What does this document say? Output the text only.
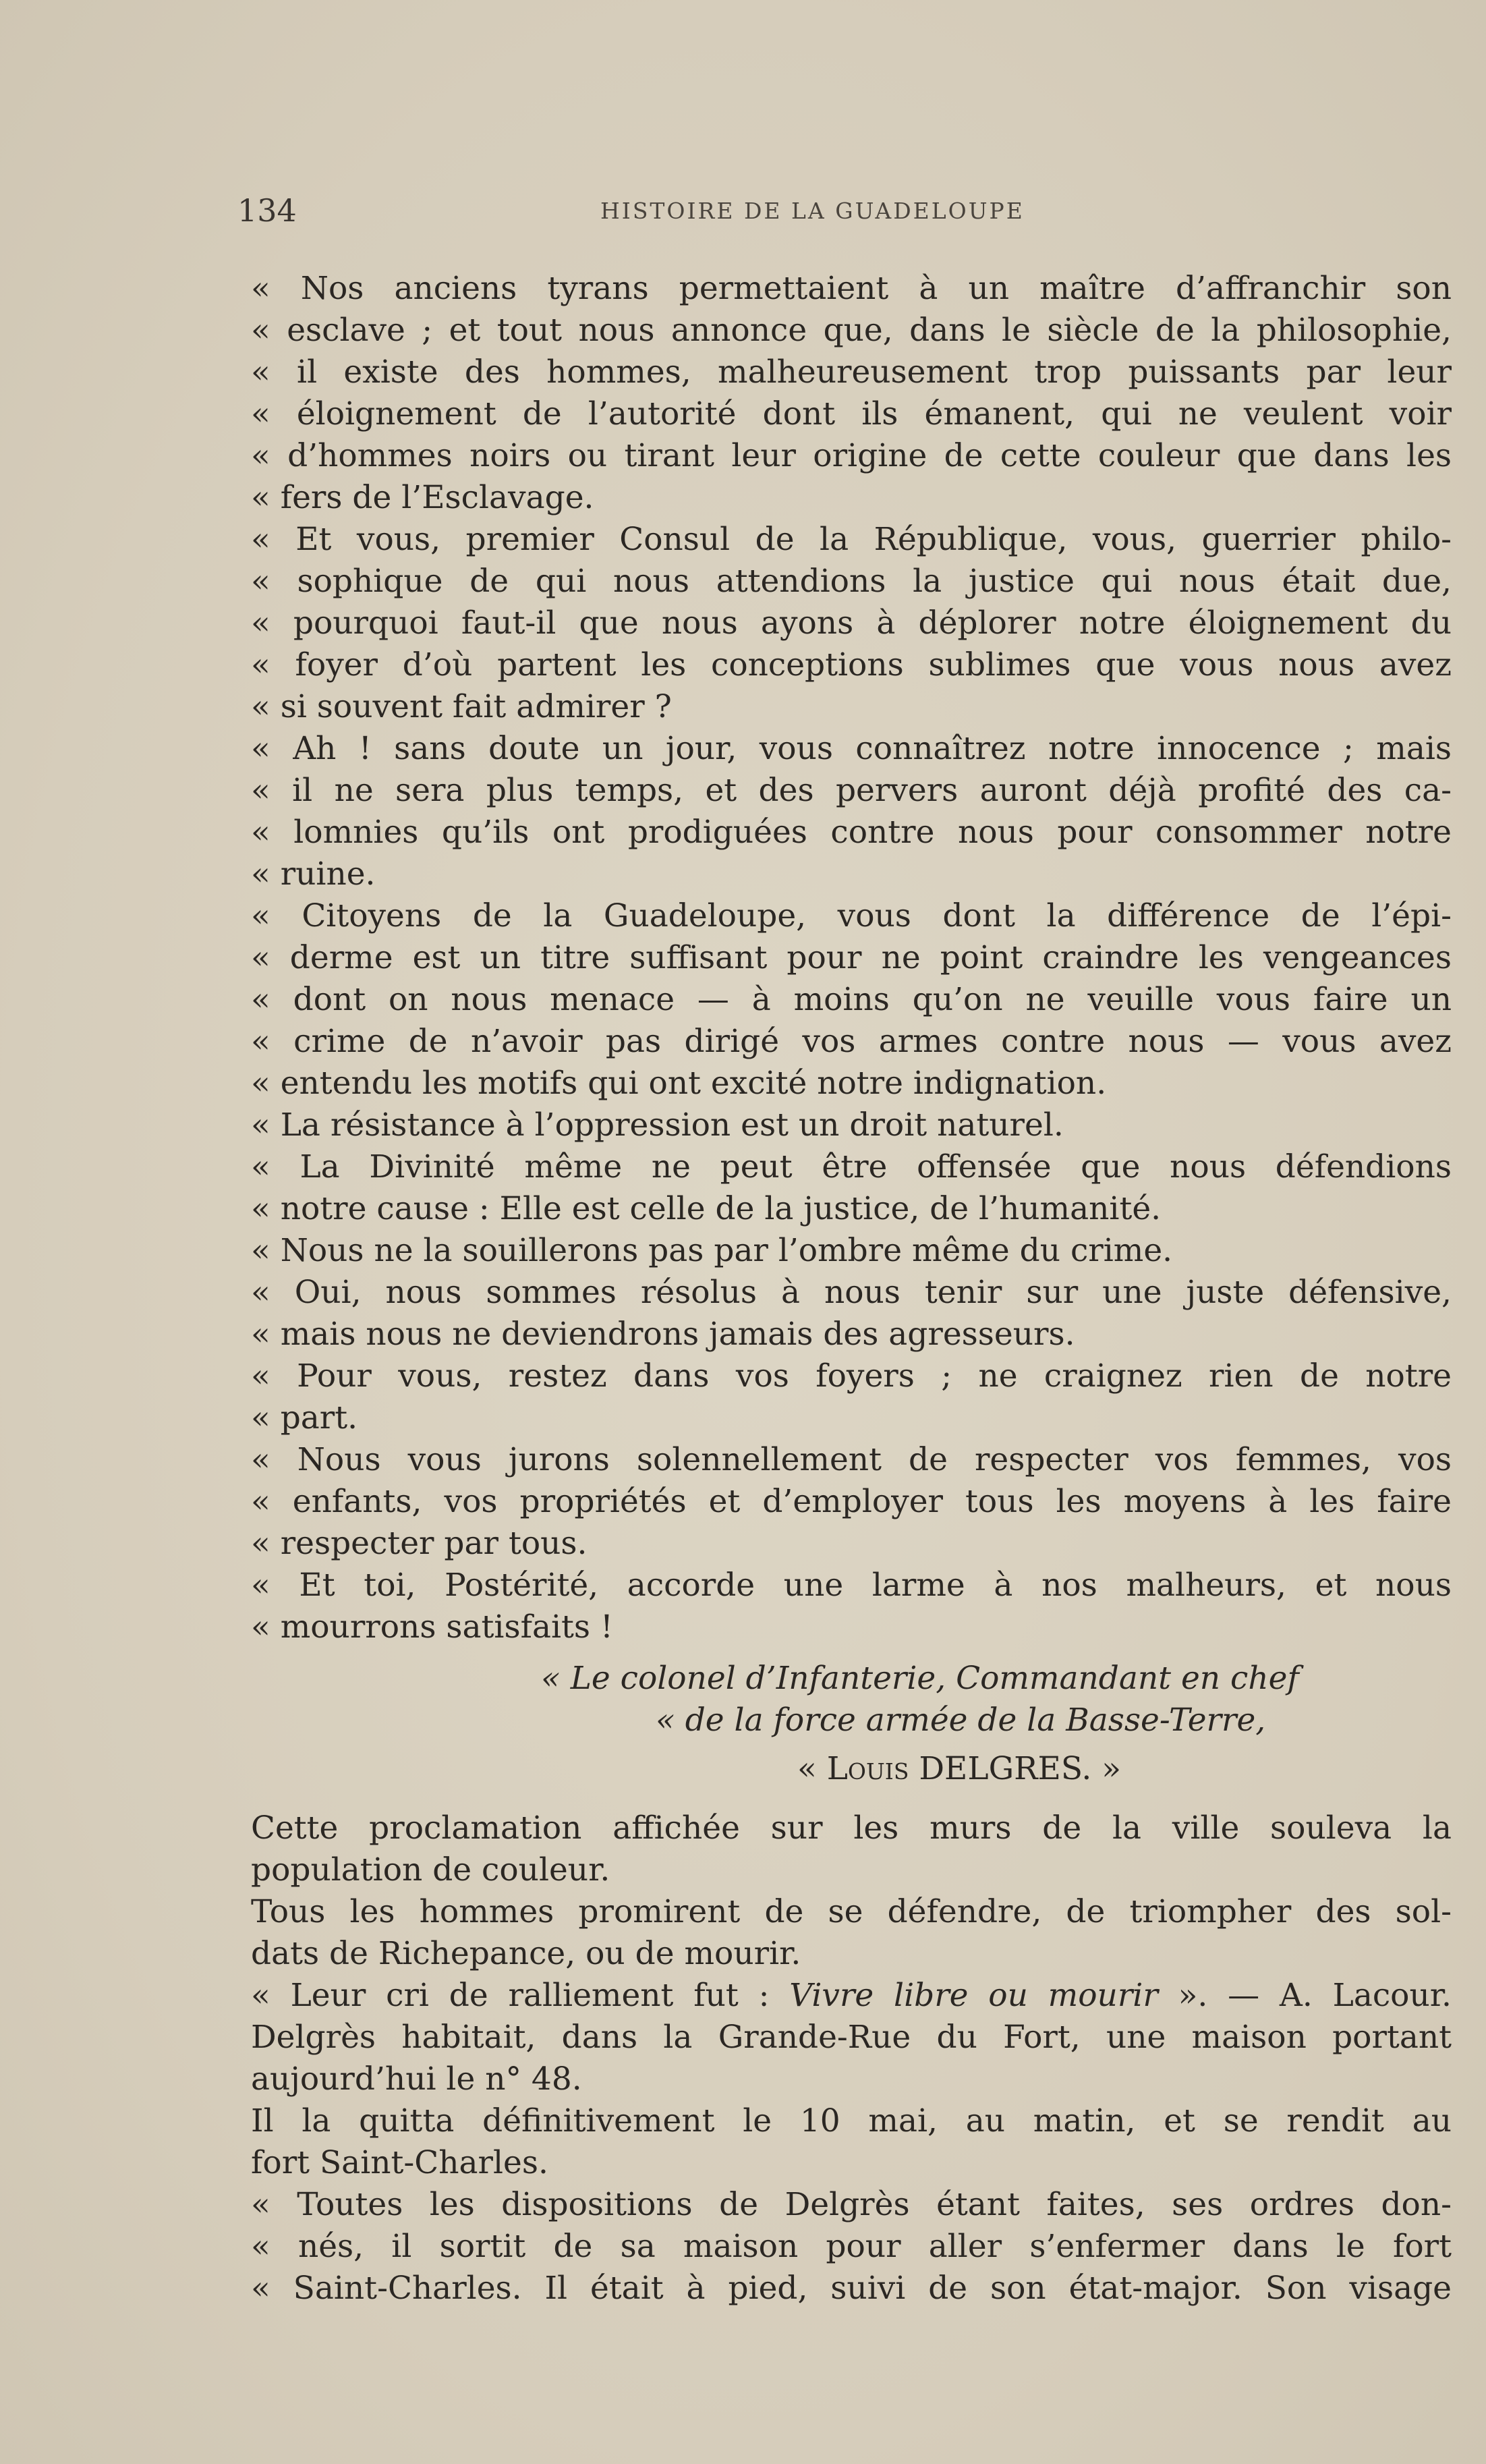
134	HISTOIRE DE LA GUADELOUPE
« Nos anciens tyrans permettaient à un maître d’affranchir son
« esclave ; et tout nous annonce que, dans le siècle de la philosophie,
« il existe des hommes, malheureusement trop puissants par leur
« éloignement de l’autorité dont ils émanent, qui ne veulent voir
« d’hommes noirs ou tirant leur origine de cette couleur que dans les
« fers de l’Esclavage.
« Et vous, premier Consul de la République, vous, guerrier philo-
« sophique de qui nous attendions la justice qui nous était due,
« pourquoi faut-il que nous ayons à déplorer notre éloignement du
« foyer d’où partent les conceptions sublimes que vous nous avez
« si souvent fait admirer ?
« Ah ! sans doute un jour, vous connaîtrez notre innocence ; mais
« il ne sera plus temps, et des pervers auront déjà profité des ca-
« lomnies qu’ils ont prodiguées contre nous pour consommer notre
« ruine.
« Citoyens de la Guadeloupe, vous dont la différence de l’épi-
« derme est un titre suffisant pour ne point craindre les vengeances
« dont on nous menace — à moins qu’on ne veuille vous faire un
« crime de n’avoir pas dirigé vos armes contre nous — vous avez
« entendu les motifs qui ont excité notre indignation.
« La résistance à l’oppression est un droit naturel.
« La Divinité même ne peut être offensée que nous défendions
« notre cause : Elle est celle de la justice, de l’humanité.
« Nous ne la souillerons pas par l’ombre même du crime.
« Oui, nous sommes résolus à nous tenir sur une juste défensive,
« mais nous ne deviendrons jamais des agresseurs.
« Pour vous, restez dans vos foyers ; ne craignez rien de notre
« part.
« Nous vous jurons solennellement de respecter vos femmes, vos
« enfants, vos propriétés et d’employer tous les moyens à les faire
« respecter par tous.
« Et toi, Postérité, accorde une larme à nos malheurs, et nous
« mourrons satisfaits !
« Le colonel d’Infanterie, Commandant en chef
« de la force armée de la Basse-Terre,
« Louis DELGRES. »
Cette proclamation affichée sur les murs de la ville souleva la
population de couleur.
Tous les hommes promirent de se défendre, de triompher des sol-
dats de Richepance, ou de mourir.
« Leur cri de ralliement fut : Vivre libre ou mourir ». — A. Lacour.
Delgrès habitait, dans la Grande-Rue du Fort, une maison portant
aujourd’hui le n° 48.
Il la quitta définitivement le 10 mai, au matin, et se rendit au
fort Saint-Charles.
« Toutes les dispositions de Delgrès étant faites, ses ordres don-
« nés, il sortit de sa maison pour aller s’enfermer dans le fort
« Saint-Charles. Il était à pied, suivi de son état-major. Son visage
